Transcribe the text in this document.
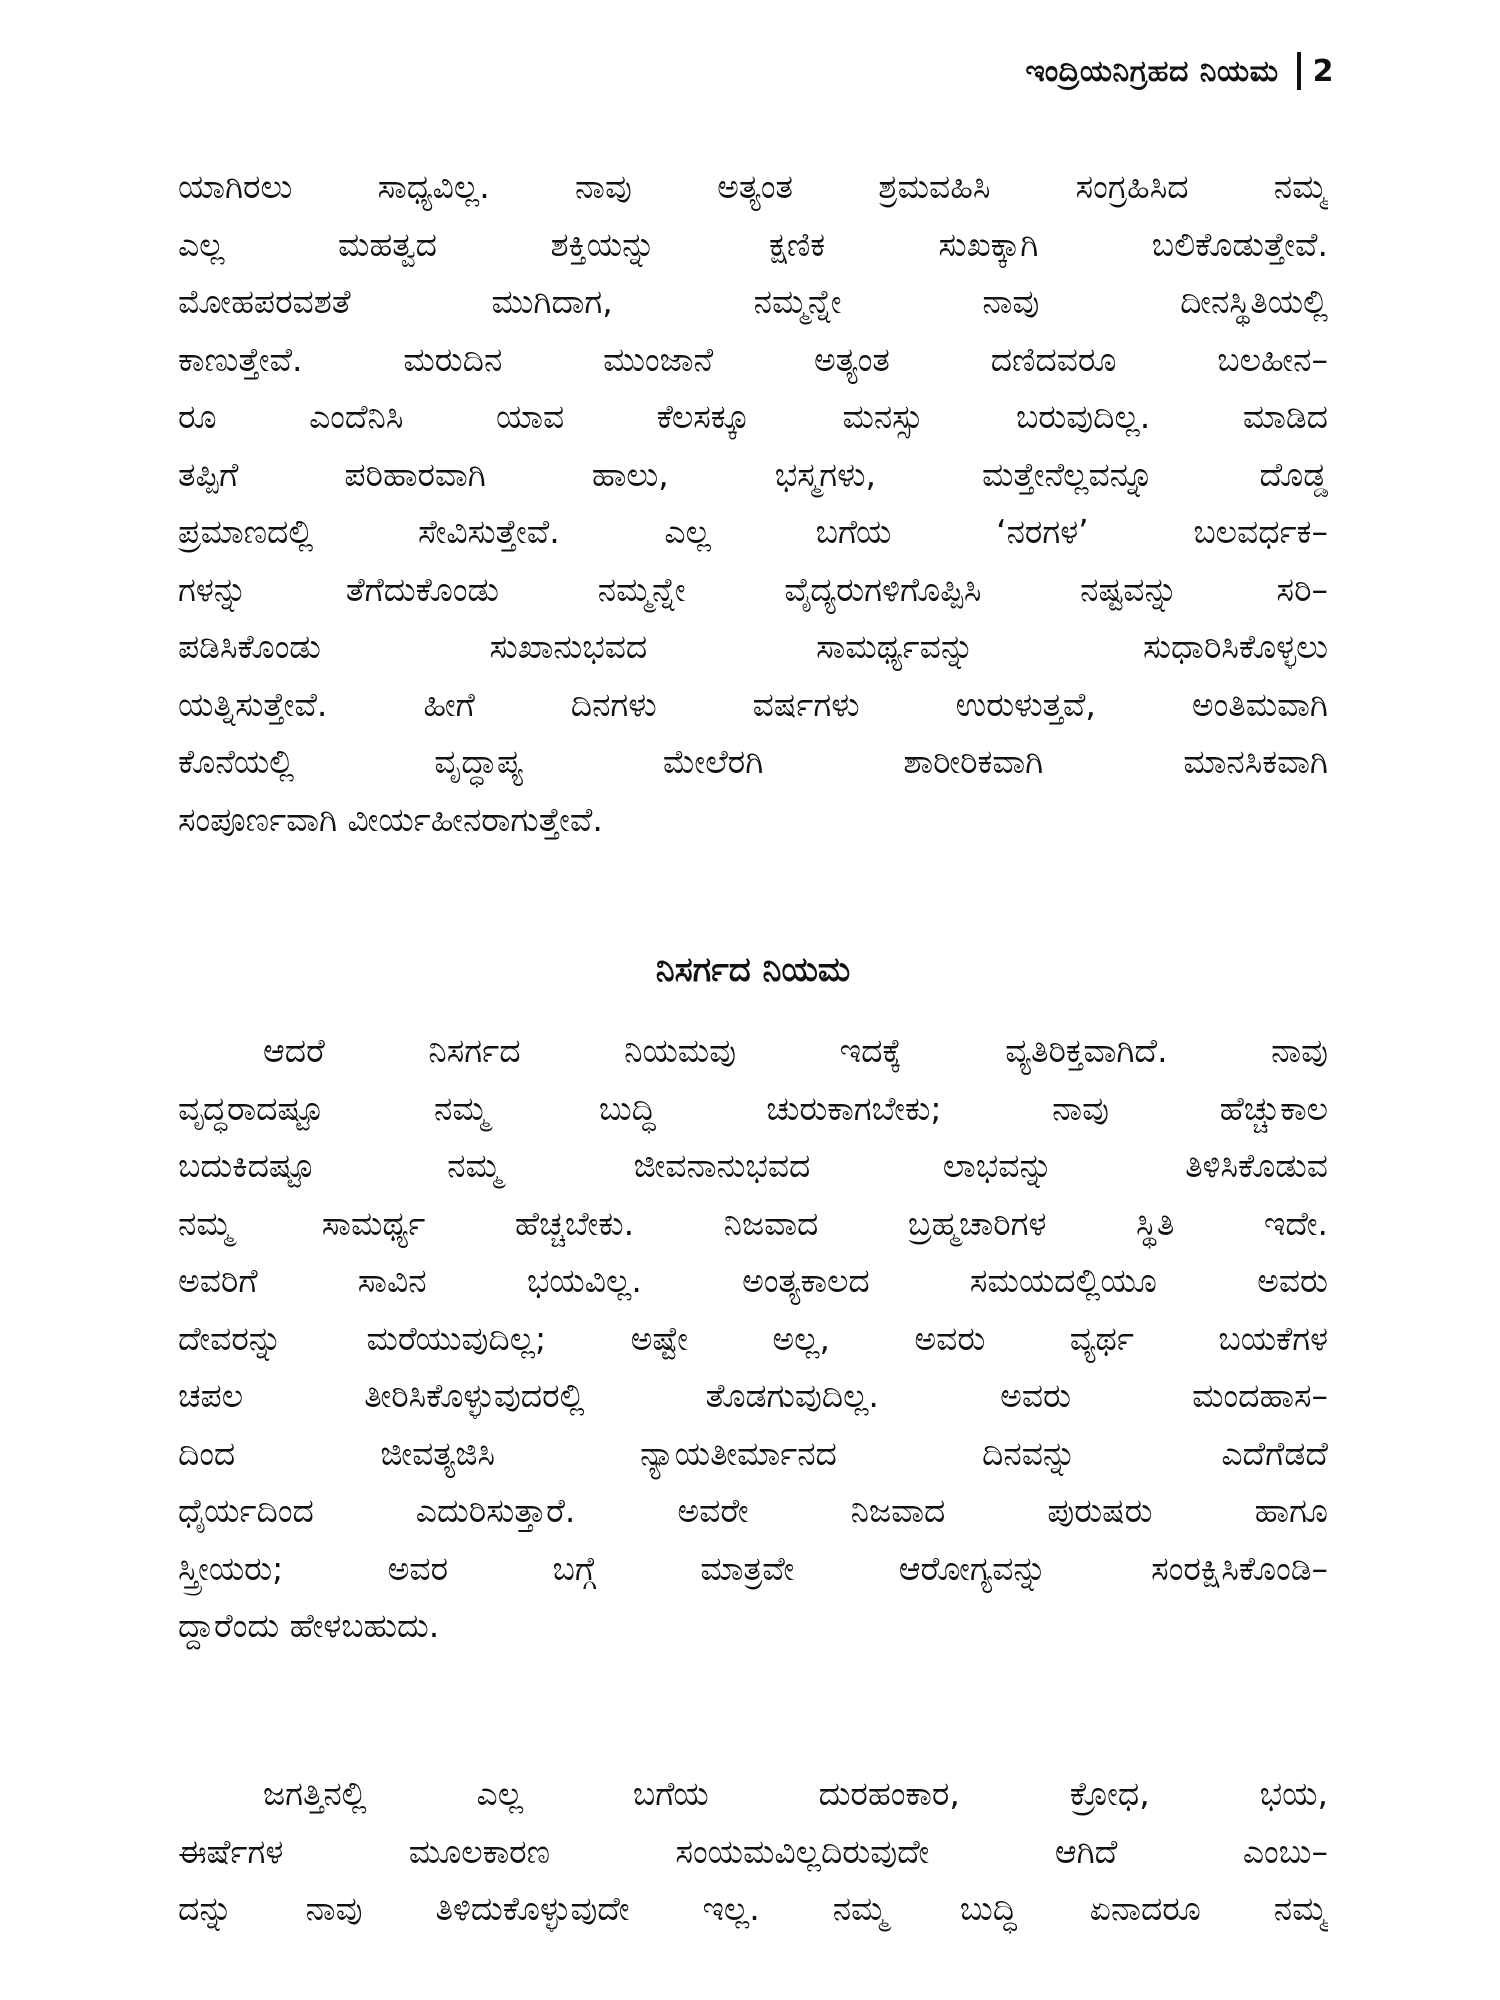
ಇಂದ್ರಿಯನಿಗ್ರಹದ ನಿಯಮ 2
ಯಾಗಿರಲು ಸಾಧ್ಯವಿಲ್ಲ. ನಾವು ಅತ್ಯಂತ ಶ್ರಮವಹಿಸಿ ಸಂಗ್ರಹಿಸಿದ ನಮ್ಮ
ಎಲ್ಲ ಮಹತ್ವದ ಶಕ್ತಿಯನ್ನು ಕ್ಷಣಿಕ ಸುಖಕ್ಕಾಗಿ ಬಲಿಕೊಡುತ್ತೇವೆ.
ಮೋಹಪರವಶತೆ ಮುಗಿದಾಗ, ನಮ್ಮನ್ನೇ ನಾವು ದೀನಸ್ಥಿತಿಯಲ್ಲಿ
ಕಾಣುತ್ತೇವೆ. ಮರುದಿನ ಮುಂಜಾನೆ ಅತ್ಯಂತ ದಣಿದವರೂ ಬಲಹೀನ–
ರೂ ಎಂದೆನಿಸಿ ಯಾವ ಕೆಲಸಕ್ಕೂ ಮನಸ್ಸು ಬರುವುದಿಲ್ಲ. ಮಾಡಿದ
ತಪ್ಪಿಗೆ ಪರಿಹಾರವಾಗಿ ಹಾಲು, ಭಸ್ಮಗಳು, ಮತ್ತೇನೆಲ್ಲವನ್ನೂ ದೊಡ್ಡ
ಪ್ರಮಾಣದಲ್ಲಿ ಸೇವಿಸುತ್ತೇವೆ. ಎಲ್ಲ ಬಗೆಯ ‘ನರಗಳ’ ಬಲವರ್ಧಕ–
ಗಳನ್ನು ತೆಗೆದುಕೊಂಡು ನಮ್ಮನ್ನೇ ವೈದ್ಯರುಗಳಿಗೊಪ್ಪಿಸಿ ನಷ್ಟವನ್ನು ಸರಿ–
ಪಡಿಸಿಕೊಂಡು ಸುಖಾನುಭವದ ಸಾಮರ್ಥ್ಯವನ್ನು ಸುಧಾರಿಸಿಕೊಳ್ಳಲು
ಯತ್ನಿಸುತ್ತೇವೆ. ಹೀಗೆ ದಿನಗಳು ವರ್ಷಗಳು ಉರುಳುತ್ತವೆ, ಅಂತಿಮವಾಗಿ
ಕೊನೆಯಲ್ಲಿ ವೃದ್ಧಾಪ್ಯ ಮೇಲೆರಗಿ ಶಾರೀರಿಕವಾಗಿ ಮಾನಸಿಕವಾಗಿ
ಸಂಪೂರ್ಣವಾಗಿ ವೀರ್ಯಹೀನರಾಗುತ್ತೇವೆ.
ನಿಸರ್ಗದ ನಿಯಮ
ಆದರೆ ನಿಸರ್ಗದ ನಿಯಮವು ಇದಕ್ಕೆ ವ್ಯತಿರಿಕ್ತವಾಗಿದೆ. ನಾವು
ವೃದ್ಧರಾದಷ್ಟೂ ನಮ್ಮ ಬುದ್ಧಿ ಚುರುಕಾಗಬೇಕು; ನಾವು ಹೆಚ್ಚುಕಾಲ
ಬದುಕಿದಷ್ಟೂ ನಮ್ಮ ಜೀವನಾನುಭವದ ಲಾಭವನ್ನು ತಿಳಿಸಿಕೊಡುವ
ನಮ್ಮ ಸಾಮರ್ಥ್ಯ ಹೆಚ್ಚಬೇಕು. ನಿಜವಾದ ಬ್ರಹ್ಮಚಾರಿಗಳ ಸ್ಥಿತಿ ಇದೇ.
ಅವರಿಗೆ ಸಾವಿನ ಭಯವಿಲ್ಲ. ಅಂತ್ಯಕಾಲದ ಸಮಯದಲ್ಲಿಯೂ ಅವರು
ದೇವರನ್ನು ಮರೆಯುವುದಿಲ್ಲ; ಅಷ್ಟೇ ಅಲ್ಲ, ಅವರು ವ್ಯರ್ಥ ಬಯಕೆಗಳ
ಚಪಲ ತೀರಿಸಿಕೊಳ್ಳುವುದರಲ್ಲಿ ತೊಡಗುವುದಿಲ್ಲ. ಅವರು ಮಂದಹಾಸ–
ದಿಂದ ಜೀವತ್ಯಜಿಸಿ ನ್ಯಾಯತೀರ್ಮಾನದ ದಿನವನ್ನು ಎದೆಗೆಡದೆ
ಧೈರ್ಯದಿಂದ ಎದುರಿಸುತ್ತಾರೆ. ಅವರೇ ನಿಜವಾದ ಪುರುಷರು ಹಾಗೂ
ಸ್ತ್ರೀಯರು; ಅವರ ಬಗ್ಗೆ ಮಾತ್ರವೇ ಆರೋಗ್ಯವನ್ನು ಸಂರಕ್ಷಿಸಿಕೊಂಡಿ–
ದ್ದಾರೆಂದು ಹೇಳಬಹುದು.
ಜಗತ್ತಿನಲ್ಲಿ ಎಲ್ಲ ಬಗೆಯ ದುರಹಂಕಾರ, ಕ್ರೋಧ, ಭಯ,
ಈರ್ಷೆಗಳ ಮೂಲಕಾರಣ ಸಂಯಮವಿಲ್ಲದಿರುವುದೇ ಆಗಿದೆ ಎಂಬು–
ದನ್ನು ನಾವು ತಿಳಿದುಕೊಳ್ಳುವುದೇ ಇಲ್ಲ. ನಮ್ಮ ಬುದ್ಧಿ ಏನಾದರೂ ನಮ್ಮ
